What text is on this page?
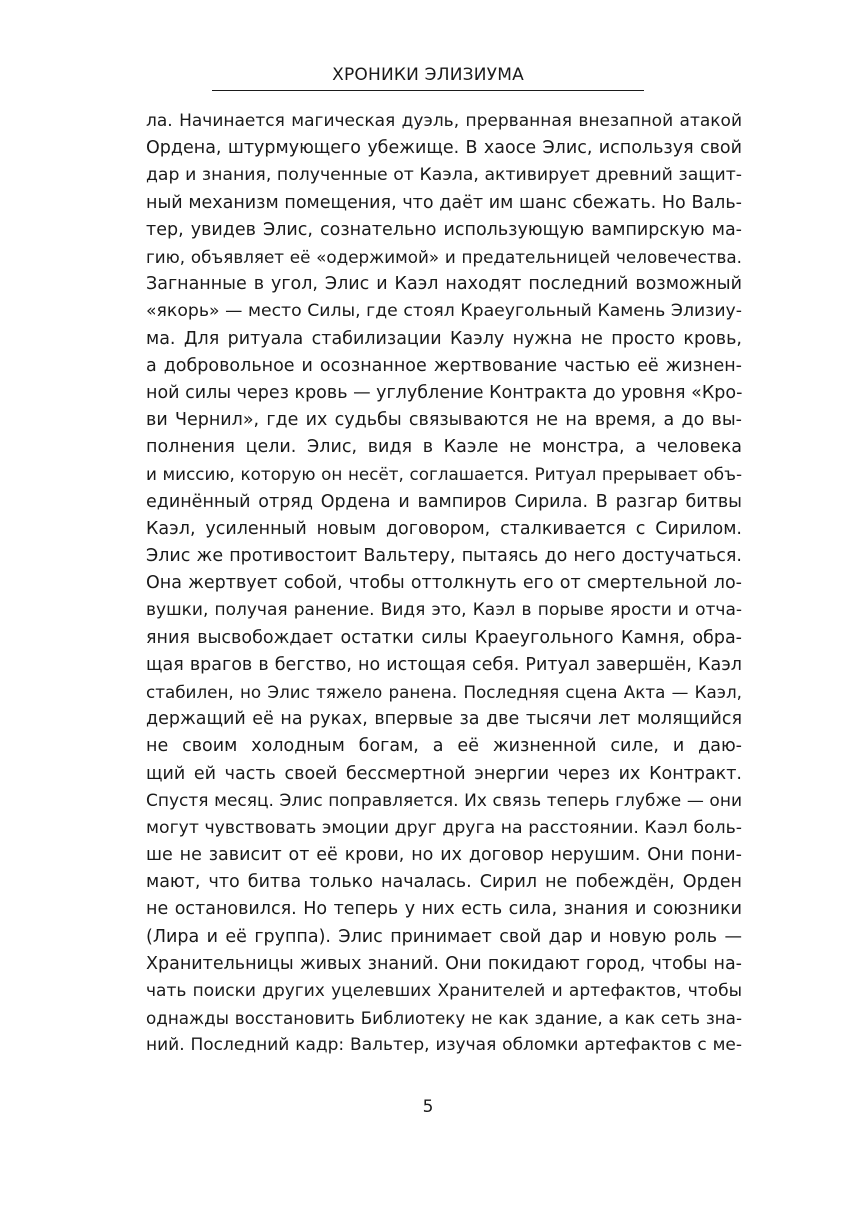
ХРОНИКИ ЭЛИЗИУМА
ла. Начинается магическая дуэль, прерванная внезапной атакой
Ордена, штурмующего убежище. В хаосе Элис, используя свой
дар и знания, полученные от Каэла, активирует древний защит-
ный механизм помещения, что даёт им шанс сбежать. Но Валь-
тер, увидев Элис, сознательно использующую вампирскую ма-
гию, объявляет её «одержимой» и предательницей человечества.
Загнанные в угол, Элис и Каэл находят последний возможный
«якорь» — место Силы, где стоял Краеугольный Камень Элизиу-
ма. Для ритуала стабилизации Каэлу нужна не просто кровь,
а добровольное и осознанное жертвование частью её жизнен-
ной силы через кровь — углубление Контракта до уровня «Кро-
ви Чернил», где их судьбы связываются не на время, а до вы-
полнения цели. Элис, видя в Каэле не монстра, а человека
и миссию, которую он несёт, соглашается. Ритуал прерывает объ-
единённый отряд Ордена и вампиров Сирила. В разгар битвы
Каэл, усиленный новым договором, сталкивается с Сирилом.
Элис же противостоит Вальтеру, пытаясь до него достучаться.
Она жертвует собой, чтобы оттолкнуть его от смертельной ло-
вушки, получая ранение. Видя это, Каэл в порыве ярости и отча-
яния высвобождает остатки силы Краеугольного Камня, обра-
щая врагов в бегство, но истощая себя. Ритуал завершён, Каэл
стабилен, но Элис тяжело ранена. Последняя сцена Акта — Каэл,
держащий её на руках, впервые за две тысячи лет молящийся
не своим холодным богам, а её жизненной силе, и даю-
щий ей часть своей бессмертной энергии через их Контракт.
Спустя месяц. Элис поправляется. Их связь теперь глубже — они
могут чувствовать эмоции друг друга на расстоянии. Каэл боль-
ше не зависит от её крови, но их договор нерушим. Они пони-
мают, что битва только началась. Сирил не побеждён, Орден
не остановился. Но теперь у них есть сила, знания и союзники
(Лира и её группа). Элис принимает свой дар и новую роль —
Хранительницы живых знаний. Они покидают город, чтобы на-
чать поиски других уцелевших Хранителей и артефактов, чтобы
однажды восстановить Библиотеку не как здание, а как сеть зна-
ний. Последний кадр: Вальтер, изучая обломки артефактов с ме-
5
